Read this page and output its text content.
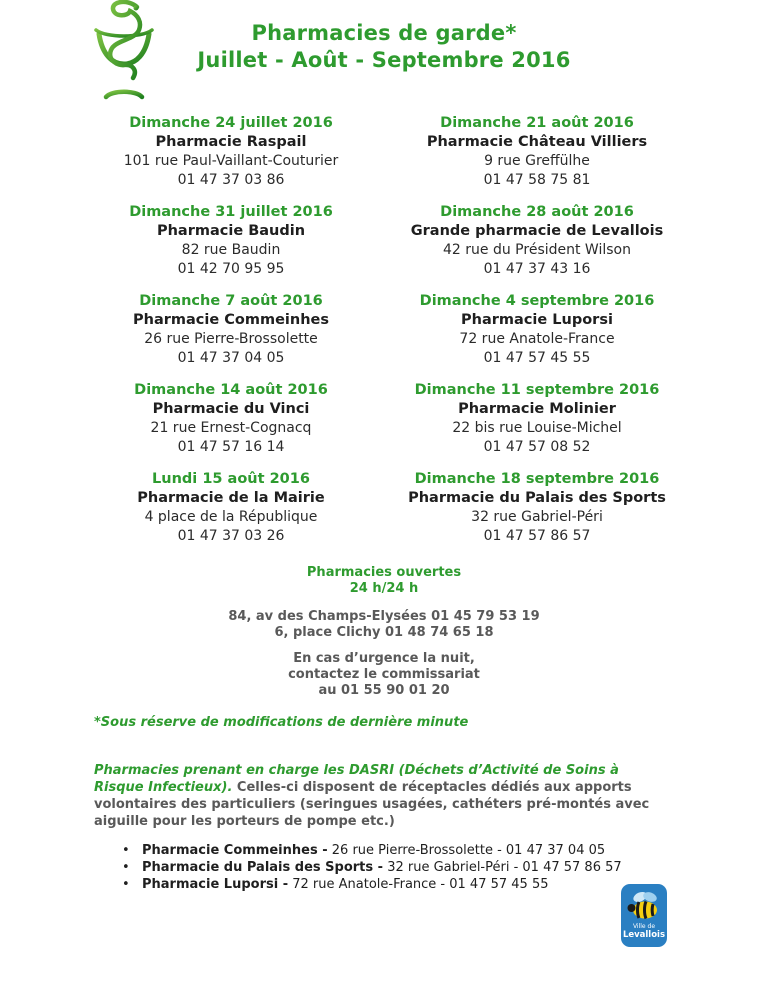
Pharmacies de garde*
Juillet - Août - Septembre 2016
Dimanche 24 juillet 2016
Pharmacie Raspail
101 rue Paul-Vaillant-Couturier
01 47 37 03 86
Dimanche 31 juillet 2016
Pharmacie Baudin
82 rue Baudin
01 42 70 95 95
Dimanche 7 août 2016
Pharmacie Commeinhes
26 rue Pierre-Brossolette
01 47 37 04 05
Dimanche 14 août 2016
Pharmacie du Vinci
21 rue Ernest-Cognacq
01 47 57 16 14
Lundi 15 août 2016
Pharmacie de la Mairie
4 place de la République
01 47 37 03 26
Dimanche 21 août 2016
Pharmacie Château Villiers
9 rue Greffülhe
01 47 58 75 81
Dimanche 28 août 2016
Grande pharmacie de Levallois
42 rue du Président Wilson
01 47 37 43 16
Dimanche 4 septembre 2016
Pharmacie Luporsi
72 rue Anatole-France
01 47 57 45 55
Dimanche 11 septembre 2016
Pharmacie Molinier
22 bis rue Louise-Michel
01 47 57 08 52
Dimanche 18 septembre 2016
Pharmacie du Palais des Sports
32 rue Gabriel-Péri
01 47 57 86 57
Pharmacies ouvertes
24 h/24 h
84, av des Champs-Elysées 01 45 79 53 19
6, place Clichy 01 48 74 65 18
En cas d’urgence la nuit,
contactez le commissariat
au 01 55 90 01 20

*Sous réserve de modifications de dernière minute

Pharmacies prenant en charge les DASRI (Déchets d’Activité de Soins à Risque Infectieux). Celles-ci disposent de réceptacles dédiés aux apports volontaires des particuliers (seringues usagées, cathéters pré-montés avec aiguille pour les porteurs de pompe etc.)

• Pharmacie Commeinhes - 26 rue Pierre-Brossolette - 01 47 37 04 05
• Pharmacie du Palais des Sports - 32 rue Gabriel-Péri - 01 47 57 86 57
• Pharmacie Luporsi - 72 rue Anatole-France - 01 47 57 45 55
Ville de
Levallois
